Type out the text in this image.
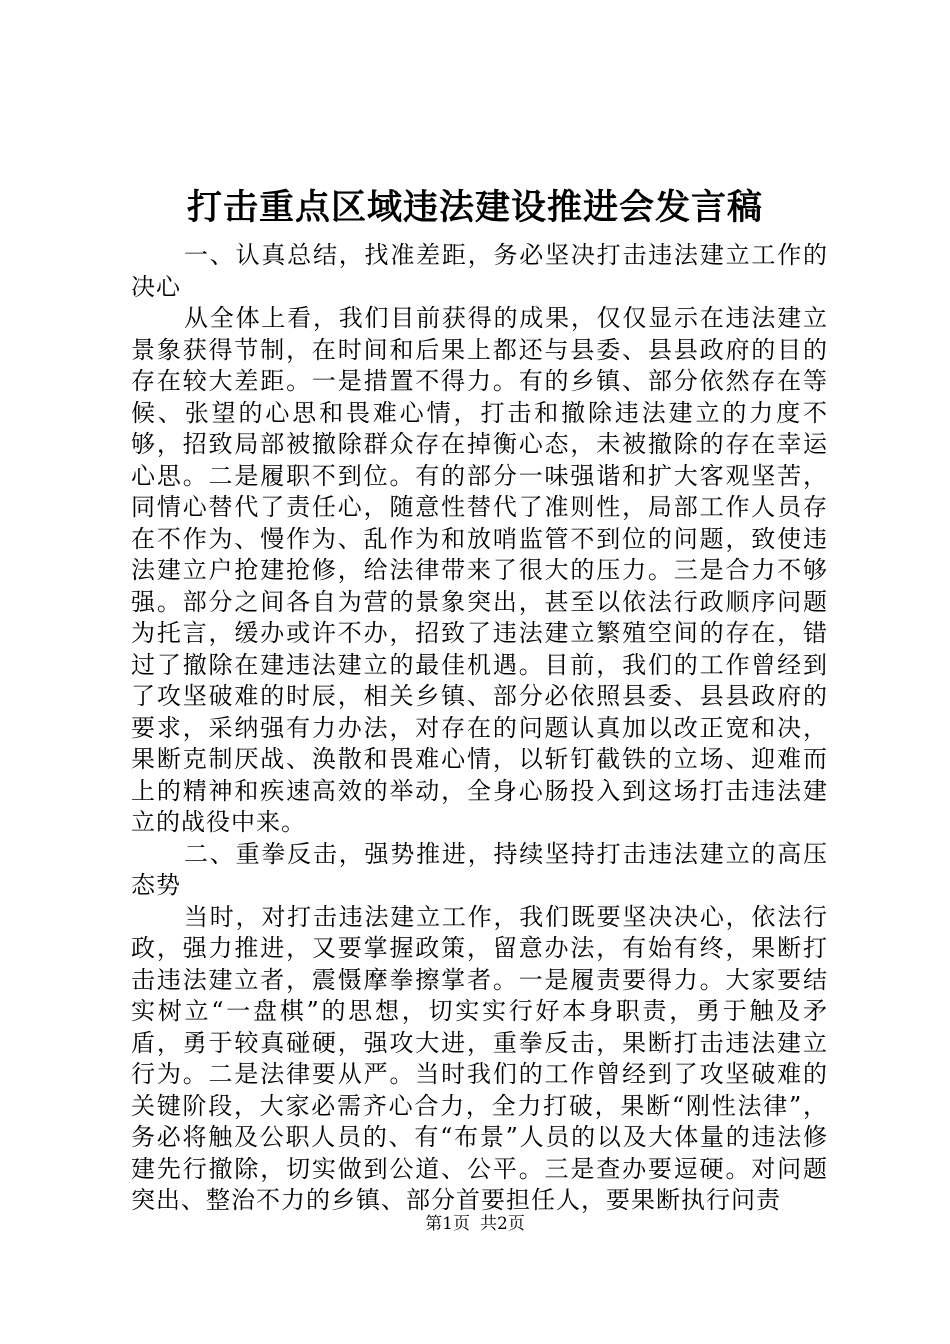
打击重点区域违法建设推进会发言稿

一、认真总结，找准差距，务必坚决打击违法建立工作的决心

从全体上看，我们目前获得的成果，仅仅显示在违法建立景象获得节制，在时间和后果上都还与县委、县县政府的目的存在较大差距。一是措置不得力。有的乡镇、部分依然存在等候、张望的心思和畏难心情，打击和撤除违法建立的力度不够，招致局部被撤除群众存在掉衡心态，未被撤除的存在幸运心思。二是履职不到位。有的部分一味强谐和扩大客观坚苦，同情心替代了责任心，随意性替代了准则性，局部工作人员存在不作为、慢作为、乱作为和放哨监管不到位的问题，致使违法建立户抢建抢修，给法律带来了很大的压力。三是合力不够强。部分之间各自为营的景象突出，甚至以依法行政顺序问题为托言，缓办或许不办，招致了违法建立繁殖空间的存在，错过了撤除在建违法建立的最佳机遇。目前，我们的工作曾经到了攻坚破难的时辰，相关乡镇、部分必依照县委、县县政府的要求，采纳强有力办法，对存在的问题认真加以改正宽和决，果断克制厌战、涣散和畏难心情，以斩钉截铁的立场、迎难而上的精神和疾速高效的举动，全身心肠投入到这场打击违法建立的战役中来。

二、重拳反击，强势推进，持续坚持打击违法建立的高压态势

当时，对打击违法建立工作，我们既要坚决决心，依法行政，强力推进，又要掌握政策，留意办法，有始有终，果断打击违法建立者，震慑摩拳擦掌者。一是履责要得力。大家要结实树立“一盘棋”的思想，切实实行好本身职责，勇于触及矛盾，勇于较真碰硬，强攻大进，重拳反击，果断打击违法建立行为。二是法律要从严。当时我们的工作曾经到了攻坚破难的关键阶段，大家必需齐心合力，全力打破，果断“刚性法律”，务必将触及公职人员的、有“布景”人员的以及大体量的违法修建先行撤除，切实做到公道、公平。三是查办要逗硬。对问题突出、整治不力的乡镇、部分首要担任人，要果断执行问责

第1页 共2页
